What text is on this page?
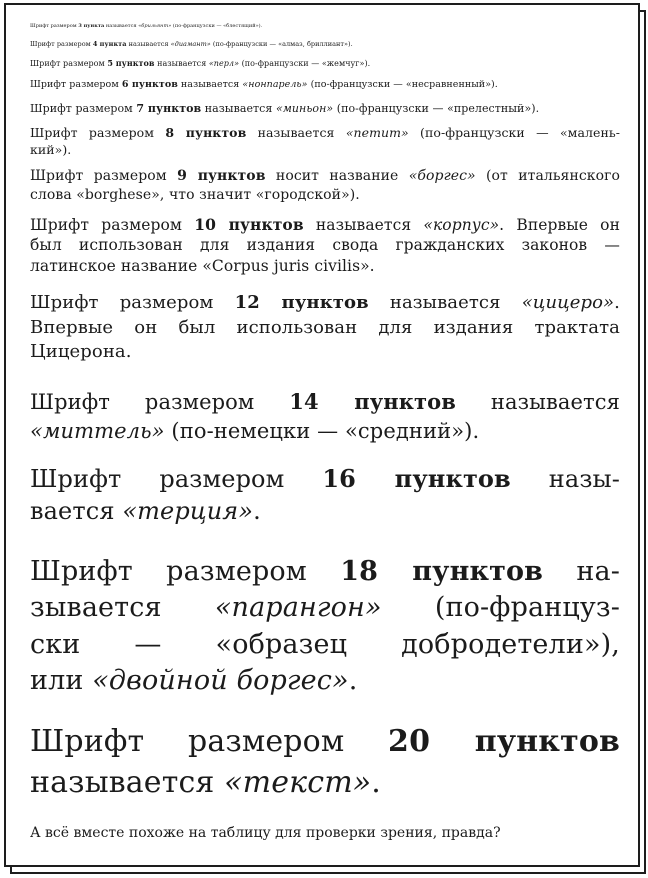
Шрифт размером 3 пункта называется «брильянт» (по-французски — «блестящий»).

Шрифт размером 4 пункта называется «диамант» (по-французски — «алмаз, бриллиант»).

Шрифт размером 5 пунктов называется «перл» (по-французски — «жемчуг»).

Шрифт размером 6 пунктов называется «нонпарель» (по-французски — «несравненный»).

Шрифт размером 7 пунктов называется «миньон» (по-французски — «прелестный»).

Шрифт размером 8 пунктов называется «петит» (по-французски — «малень-
кий»).

Шрифт размером 9 пунктов носит название «боргес» (от итальянского
слова «borghese», что значит «городской»).

Шрифт размером 10 пунктов называется «корпус». Впервые он
был использован для издания свода гражданских законов —
латинское название «Corpus juris civilis».

Шрифт размером 12 пунктов называется «цицеро».
Впервые он был использован для издания трактата
Цицерона.

Шрифт размером 14 пунктов называется
«миттель» (по-немецки — «средний»).

Шрифт размером 16 пунктов назы-
вается «терция».

Шрифт размером 18 пунктов на-
зывается «парангон» (по-француз-
ски — «образец добродетели»),
или «двойной боргес».

Шрифт размером 20 пунктов
называется «текст».

А всё вместе похоже на таблицу для проверки зрения, правда?
